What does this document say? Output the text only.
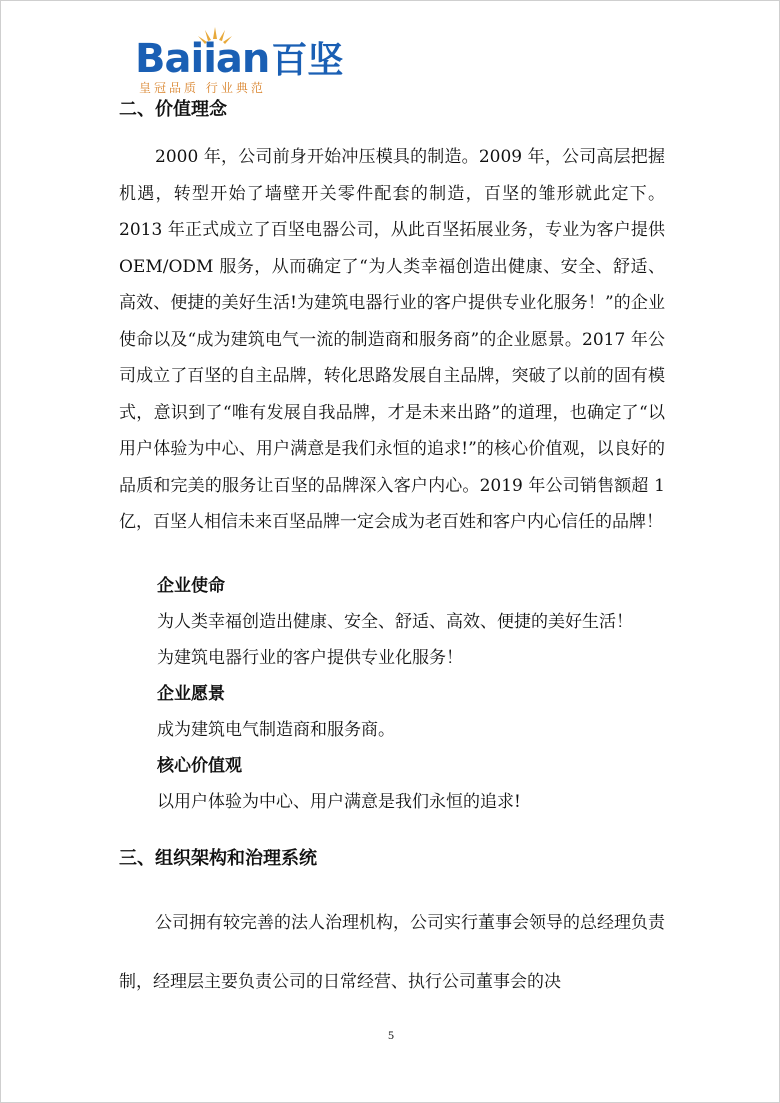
Baiian百坚
皇冠品质 行业典范
二、价值理念

2000 年，公司前身开始冲压模具的制造。2009 年，公司高层把握机遇，转型开始了墙壁开关零件配套的制造，百坚的雏形就此定下。2013 年正式成立了百坚电器公司，从此百坚拓展业务，专业为客户提供 OEM/ODM 服务，从而确定了“为人类幸福创造出健康、安全、舒适、高效、便捷的美好生活!为建筑电器行业的客户提供专业化服务！”的企业使命以及“成为建筑电气一流的制造商和服务商”的企业愿景。2017 年公司成立了百坚的自主品牌，转化思路发展自主品牌，突破了以前的固有模式，意识到了“唯有发展自我品牌，才是未来出路”的道理，也确定了“以用户体验为中心、用户满意是我们永恒的追求!”的核心价值观，以良好的品质和完美的服务让百坚的品牌深入客户内心。2019 年公司销售额超 1 亿，百坚人相信未来百坚品牌一定会成为老百姓和客户内心信任的品牌！

企业使命
为人类幸福创造出健康、安全、舒适、高效、便捷的美好生活！
为建筑电器行业的客户提供专业化服务！
企业愿景
成为建筑电气制造商和服务商。
核心价值观
以用户体验为中心、用户满意是我们永恒的追求!
三、组织架构和治理系统

公司拥有较完善的法人治理机构，公司实行董事会领导的总经理负责制，经理层主要负责公司的日常经营、执行公司董事会的决

5
